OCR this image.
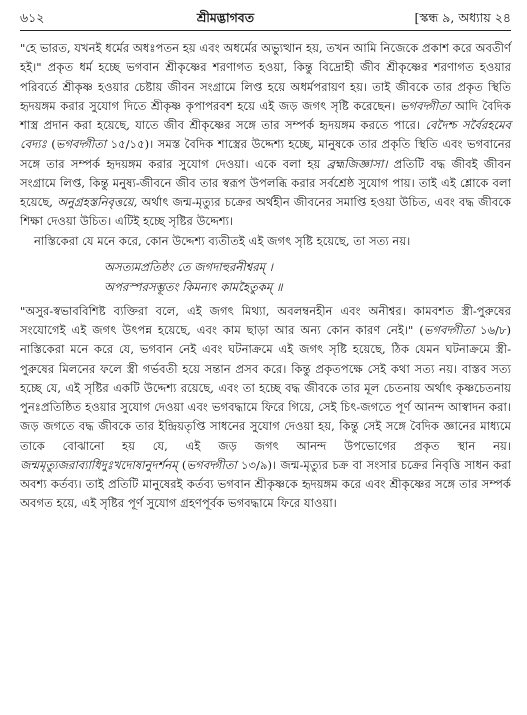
৬১২	শ্রীমদ্ভাগবত	[স্কন্ধ ৯, অধ্যায় ২৪

"হে ভারত, যখনই ধর্মের অধঃপতন হয় এবং অধর্মের অভ্যুত্থান হয়, তখন আমি নিজেকে প্রকাশ করে অবতীর্ণ হই।" প্রকৃত ধর্ম হচ্ছে ভগবান শ্রীকৃষ্ণের শরণাগত হওয়া, কিন্তু বিদ্রোহী জীব শ্রীকৃষ্ণের শরণাগত হওয়ার পরিবর্তে শ্রীকৃষ্ণ হওয়ার চেষ্টায় জীবন সংগ্রামে লিপ্ত হয়ে অধর্মপরায়ণ হয়। তাই জীবকে তার প্রকৃত স্থিতি হৃদয়ঙ্গম করার সুযোগ দিতে শ্রীকৃষ্ণ কৃপাপরবশ হয়ে এই জড় জগৎ সৃষ্টি করেছেন। ভগবদ্গীতা আদি বৈদিক শাস্ত্র প্রদান করা হয়েছে, যাতে জীব শ্রীকৃষ্ণের সঙ্গে তার সম্পর্ক হৃদয়ঙ্গম করতে পারে। বেদৈশ্চ সর্বৈরহমেব বেদ্যঃ (ভগবদ্গীতা ১৫/১৫)। সমস্ত বৈদিক শাস্ত্রের উদ্দেশ্য হচ্ছে, মানুষকে তার প্রকৃতি স্থিতি এবং ভগবানের সঙ্গে তার সম্পর্ক হৃদয়ঙ্গম করার সুযোগ দেওয়া। একে বলা হয় ব্রহ্মজিজ্ঞাসা। প্রতিটি বদ্ধ জীবই জীবন সংগ্রামে লিপ্ত, কিন্তু মনুষ্য-জীবনে জীব তার স্বরূপ উপলব্ধি করার সর্বশ্রেষ্ঠ সুযোগ পায়। তাই এই শ্লোকে বলা হয়েছে, অনুগ্রহস্তনিবৃত্তয়ে, অর্থাৎ জন্ম-মৃত্যুর চক্রের অর্থহীন জীবনের সমাপ্তি হওয়া উচিত, এবং বদ্ধ জীবকে শিক্ষা দেওয়া উচিত। এটিই হচ্ছে সৃষ্টির উদ্দেশ্য।

নাস্তিকেরা যে মনে করে, কোন উদ্দেশ্য ব্যতীতই এই জগৎ সৃষ্টি হয়েছে, তা সত্য নয়।

অসত্যমপ্রতিষ্ঠং তে জগদাহুরনীশ্বরম্‌ ।
অপরস্পরসম্ভূতং কিমন্যৎ কামহৈতুকম্‌ ॥

"অসুর-স্বভাববিশিষ্ট ব্যক্তিরা বলে, এই জগৎ মিথ্যা, অবলম্বনহীন এবং অনীশ্বর। কামবশত স্ত্রী-পুরুষের সংযোগেই এই জগৎ উৎপন্ন হয়েছে, এবং কাম ছাড়া আর অন্য কোন কারণ নেই।" (ভগবদ্গীতা ১৬/৮) নাস্তিকেরা মনে করে যে, ভগবান নেই এবং ঘটনাক্রমে এই জগৎ সৃষ্টি হয়েছে, ঠিক যেমন ঘটনাক্রমে স্ত্রী-পুরুষের মিলনের ফলে স্ত্রী গর্ভবতী হয়ে সন্তান প্রসব করে। কিন্তু প্রকৃতপক্ষে সেই কথা সত্য নয়। বাস্তব সত্য হচ্ছে যে, এই সৃষ্টির একটি উদ্দেশ্য রয়েছে, এবং তা হচ্ছে বদ্ধ জীবকে তার মূল চেতনায় অর্থাৎ কৃষ্ণচেতনায় পুনঃপ্রতিষ্ঠিত হওয়ার সুযোগ দেওয়া এবং ভগবদ্ধামে ফিরে গিয়ে, সেই চিৎ-জগতে পূর্ণ আনন্দ আস্বাদন করা। জড় জগতে বদ্ধ জীবকে তার ইন্দ্রিয়তৃপ্তি সাধনের সুযোগ দেওয়া হয়, কিন্তু সেই সঙ্গে বৈদিক জ্ঞানের মাধ্যমে তাকে বোঝানো হয় যে, এই জড় জগৎ আনন্দ উপভোগের প্রকৃত স্থান নয়। জন্মমৃত্যুজরাব্যাধিদুঃখদোষানুদর্শনম্‌ (ভগবদ্গীতা ১৩/৯)। জন্ম-মৃত্যুর চক্র বা সংসার চক্রের নিবৃত্তি সাধন করা অবশ্য কর্তব্য। তাই প্রতিটি মানুষেরই কর্তব্য ভগবান শ্রীকৃষ্ণকে হৃদয়ঙ্গম করে এবং শ্রীকৃষ্ণের সঙ্গে তার সম্পর্ক অবগত হয়ে, এই সৃষ্টির পূর্ণ সুযোগ গ্রহণপূর্বক ভগবদ্ধামে ফিরে যাওয়া।
